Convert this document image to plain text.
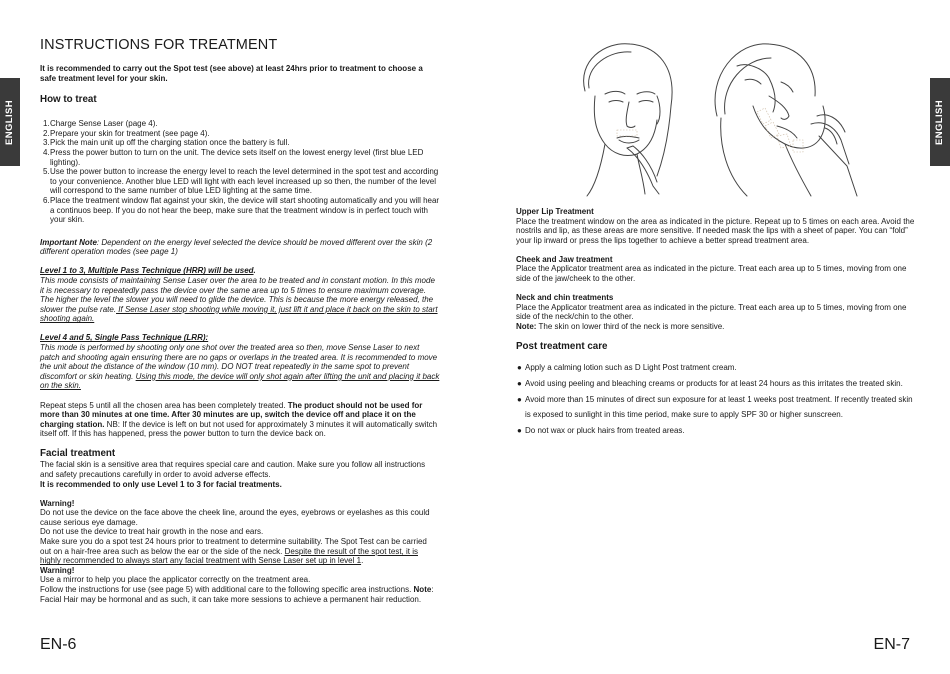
ENGLISH
INSTRUCTIONS FOR TREATMENT

It is recommended to carry out the Spot test (see above) at least 24hrs prior to treatment to choose a safe treatment level for your skin.

How to treat
1. Charge Sense Laser (page 4).
2. Prepare your skin for treatment (see page 4).
3. Pick the main unit up off the charging station once the battery is full.
4. Press the power button to turn on the unit. The device sets itself on the lowest energy level (first blue LED lighting).
5. Use the power button to increase the energy level to reach the level determined in the spot test and according to your convenience. Another blue LED will light with each level increased up so then, the number of the level will correspond to the same number of blue LED lighting at the same time.
6. Place the treatment window flat against your skin, the device will start shooting automatically and you will hear a continuos beep. If you do not hear the beep, make sure that the treatment window is in perfect touch with your skin.

Important Note: Dependent on the energy level selected the device should be moved different over the skin (2 different operation modes (see page 1)

Level 1 to 3, Multiple Pass Technique (HRR) will be used.

This mode consists of maintaining Sense Laser over the area to be treated and in constant motion. In this mode it is necessary to repeatedly pass the device over the same area up to 5 times to ensure maximum coverage. The higher the level the slower you will need to glide the device. This is because the more energy released, the slower the pulse rate. If Sense Laser stop shooting while moving it, just lift it and place it back on the skin to start shooting again.

Level 4 and 5, Single Pass Technique (LRR):

This mode is performed by shooting only one shot over the treated area so then, move Sense Laser to next patch and shooting again ensuring there are no gaps or overlaps in the treated area. It is recommended to move the unit about the distance of the window (10 mm). DO NOT treat repeatedly in the same spot to prevent discomfort or skin heating. Using this mode, the device will only shot again after lifting the unit and placing it back on the skin.

Repeat steps 5 until all the chosen area has been completely treated. The product should not be used for more than 30 minutes at one time. After 30 minutes are up, switch the device off and place it on the charging station. NB: If the device is left on but not used for approximately 3 minutes it will automatically switch itself off. If this has happened, press the power button to turn the device back on.

Facial treatment

The facial skin is a sensitive area that requires special care and caution. Make sure you follow all instructions and safety precautions carefully in order to avoid adverse effects.

It is recommended to only use Level 1 to 3 for facial treatments.

Warning!

Do not use the device on the face above the cheek line, around the eyes, eyebrows or eyelashes as this could cause serious eye damage.

Do not use the device to treat hair growth in the nose and ears.

Make sure you do a spot test 24 hours prior to treatment to determine suitability. The Spot Test can be carried out on a hair-free area such as below the ear or the side of the neck. Despite the result of the spot test, it is highly recommended to always start any facial treatment with Sense Laser set up in level 1.

Warning!

Use a mirror to help you place the applicator correctly on the treatment area.

Follow the instructions for use (see page 5) with additional care to the following specific area instructions. Note: Facial Hair may be hormonal and as such, it can take more sessions to achieve a permanent hair reduction.

EN-6
ENGLISH

Upper Lip Treatment

Place the treatment window on the area as indicated in the picture. Repeat up to 5 times on each area. Avoid the nostrils and lip, as these areas are more sensitive. If needed mask the lips with a sheet of paper. You can “fold” your lip inward or press the lips together to achieve a better spread treatment area.

Cheek and Jaw treatment

Place the Applicator treatment area as indicated in the picture. Treat each area up to 5 times, moving from one side of the jaw/cheek to the other.

Neck and chin treatments

Place the Applicator treatment area as indicated in the picture. Treat each area up to 5 times, moving from one side of the neck/chin to the other.

Note: The skin on lower third of the neck is more sensitive.

Post treatment care
● Apply a calming lotion such as D Light Post tratment cream.
● Avoid using peeling and bleaching creams or products for at least 24 hours as this irritates the treated skin.
● Avoid more than 15 minutes of direct sun exposure for at least 1 weeks post treatment. If recently treated skin is exposed to sunlight in this time period, make sure to apply SPF 30 or higher sunscreen.
● Do not wax or pluck hairs from treated areas.
EN-7
